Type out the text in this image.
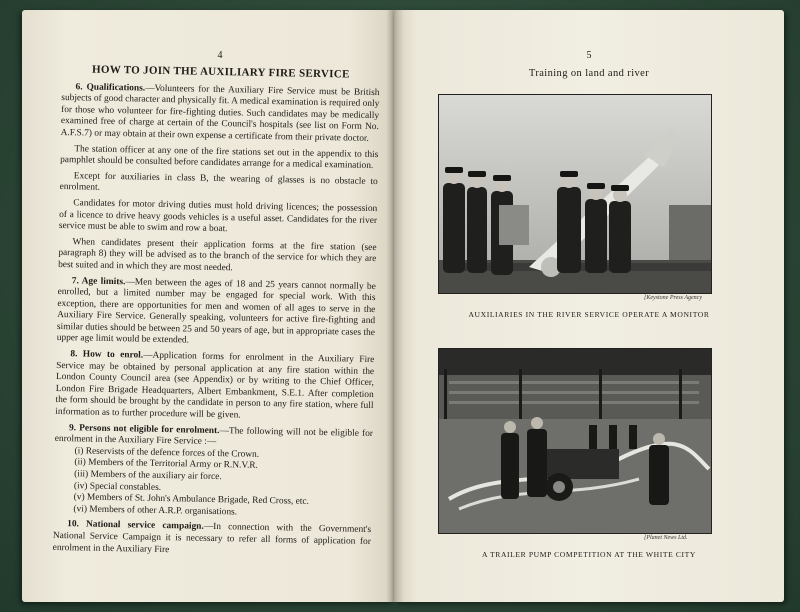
4
HOW TO JOIN THE AUXILIARY FIRE SERVICE

6. Qualifications.—Volunteers for the Auxiliary Fire Service must be British subjects of good character and physically fit. A medical examination is required only for those who volunteer for fire-fighting duties. Such candidates may be medically examined free of charge at certain of the Council's hospitals (see list on Form No. A.F.S.7) or may obtain at their own expense a certificate from their private doctor.

The station officer at any one of the fire stations set out in the appendix to this pamphlet should be consulted before candidates arrange for a medical examination.

Except for auxiliaries in class B, the wearing of glasses is no obstacle to enrolment.

Candidates for motor driving duties must hold driving licences; the possession of a licence to drive heavy goods vehicles is a useful asset. Candidates for the river service must be able to swim and row a boat.

When candidates present their application forms at the fire station (see paragraph 8) they will be advised as to the branch of the service for which they are best suited and in which they are most needed.

7. Age limits.—Men between the ages of 18 and 25 years cannot normally be enrolled, but a limited number may be engaged for special work. With this exception, there are opportunities for men and women of all ages to serve in the Auxiliary Fire Service. Generally speaking, volunteers for active fire-fighting and similar duties should be between 25 and 50 years of age, but in appropriate cases the upper age limit would be extended.

8. How to enrol.—Application forms for enrolment in the Auxiliary Fire Service may be obtained by personal application at any fire station within the London County Council area (see Appendix) or by writing to the Chief Officer, London Fire Brigade Headquarters, Albert Embankment, S.E.1. After completion the form should be brought by the candidate in person to any fire station, where full information as to further procedure will be given.

9. Persons not eligible for enrolment.—The following will not be eligible for enrolment in the Auxiliary Fire Service :—

(i) Reservists of the defence forces of the Crown.
(ii) Members of the Territorial Army or R.N.V.R.
(iii) Members of the auxiliary air force.
(iv) Special constables.
(v) Members of St. John's Ambulance Brigade, Red Cross, etc.
(vi) Members of other A.R.P. organisations.

10. National service campaign.—In connection with the Government's National Service Campaign it is necessary to refer all forms of application for enrolment in the Auxiliary Fire

5
Training on land and river
[Keystone Press Agency
AUXILIARIES IN THE RIVER SERVICE OPERATE A MONITOR
[Planet News Ltd.
A TRAILER PUMP COMPETITION AT THE WHITE CITY
